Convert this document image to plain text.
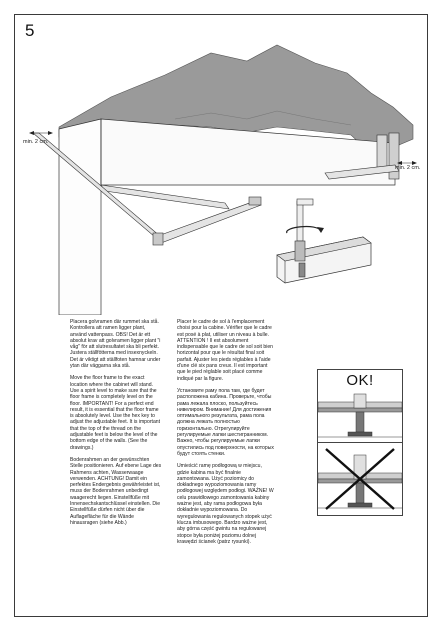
5
min. 2 cm.
min. 2 cm.

Placera golvramen där rummet ska stå. Kontrollera att ramen ligger plant, använd vattenpass. OBS! Det är ett absolut krav att golvramen ligger plant "i våg" för att slutresultatet ska bli perfekt. Justera ställfötterna med insexnyckeln. Det är viktigt att ställfoten hamnar under ytan där väggarna ska stå.

Move the floor frame to the exact location where the cabinet will stand. Use a spirit level to make sure that the floor frame is completely level on the floor. IMPORTANT! For a perfect end result, it is essential that the floor frame is absolutely level. Use the hex key to adjust the adjustable feet. It is important that the top of the thread on the adjustable feet is below the level of the bottom edge of the walls. (See the drawings.)

Bodenrahmen an der gewünschten Stelle positionieren. Auf ebene Lage des Rahmens achten, Wasserwaage verwenden. ACHTUNG! Damit ein perfektes Endergebnis gewährleistet ist, muss der Bodenrahmen unbedingt waagerecht liegen. Einstellfüße mit Innensechskantschlüssel einstellen. Die Einstellfüße dürfen nicht über die Auflagefläche für die Wände hinausragen (siehe Abb.)

Placer le cadre de sol à l'emplacement choisi pour la cabine. Vérifier que le cadre est posé à plat, utiliser un niveau à bulle. ATTENTION ! Il est absolument indispensable que le cadre de sol soit bien horizontal pour que le résultat final soit parfait. Ajuster les pieds réglables à l'aide d'une clé six pans creux. Il est important que le pied réglable soit placé comme indiqué par la figure.

Установите раму пола там, где будет расположена кабина. Проверьте, чтобы рама лежала плоско, пользуйтесь нивелиром. Внимание! Для достижения оптимального результата, рама пола должна лежать полностью горизонтально. Отрегулируйте регулируемые лапки шестигранником. Важно, чтобы регулируемые лапки опустились под поверхности, на которых будут стоять стенки.

Umieścić ramę podłogową w miejscu, gdzie kabina ma być finalnie zamontowana. Użyć poziomicy do dokładnego wypoziomowania ramy podłogowej względem podłogi. WAŻNE! W celu prawidłowego zamontowania kabiny ważne jest, aby rama podłogowa była dokładnie wypoziomowana. Do wyregulowania regulowanych stopek użyć klucza imbusowego. Bardzo ważne jest, aby górna część gwintu na regulowanej stopce była poniżej poziomu dolnej krawędzi ścianek (patrz rysunki).

OK!
